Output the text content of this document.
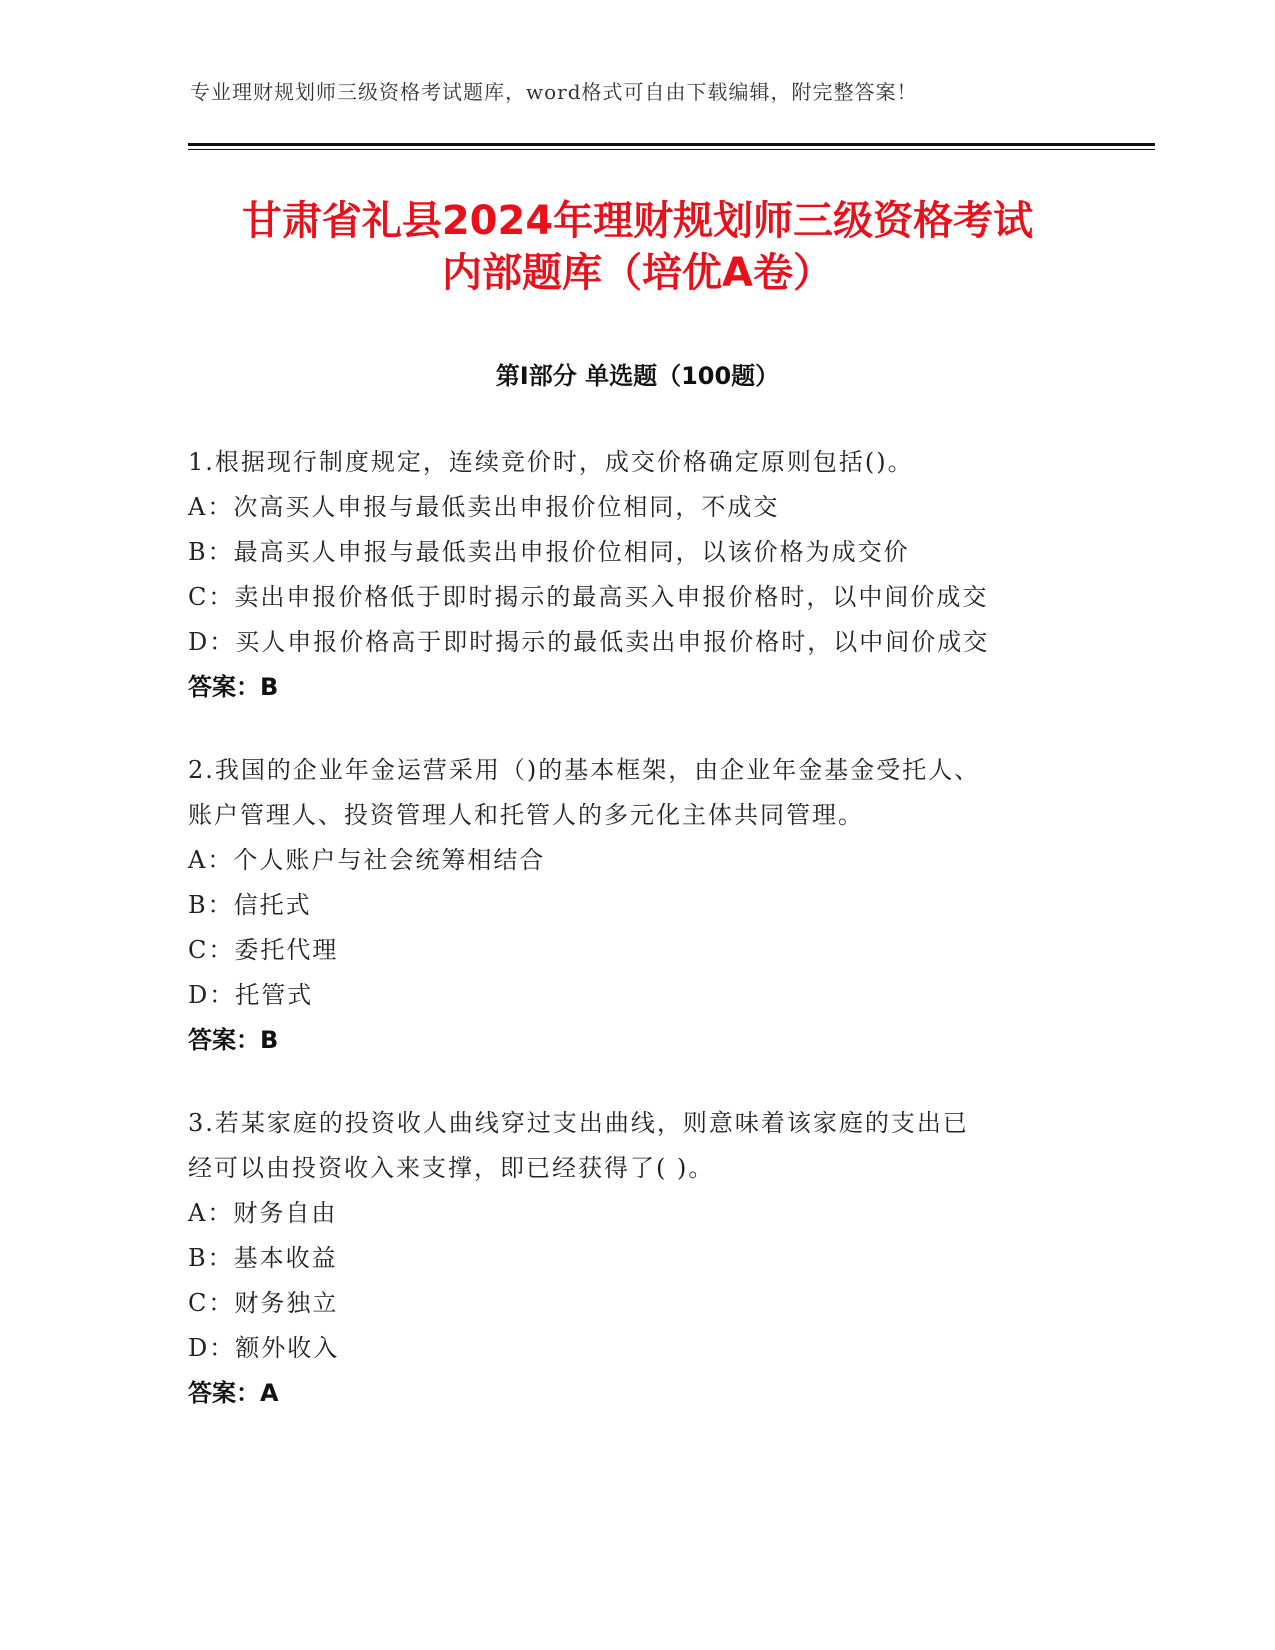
专业理财规划师三级资格考试题库，word格式可自由下载编辑，附完整答案！
甘肃省礼县2024年理财规划师三级资格考试
内部题库（培优A卷）
第Ⅰ部分 单选题（100题）
1.根据现行制度规定，连续竞价时，成交价格确定原则包括()。
A：次高买人申报与最低卖出申报价位相同，不成交
B：最高买人申报与最低卖出申报价位相同，以该价格为成交价
C：卖出申报价格低于即时揭示的最高买入申报价格时，以中间价成交
D：买人申报价格高于即时揭示的最低卖出申报价格时，以中间价成交
答案：B
2.我国的企业年金运营采用（)的基本框架，由企业年金基金受托人、
账户管理人、投资管理人和托管人的多元化主体共同管理。
A：个人账户与社会统筹相结合
B：信托式
C：委托代理
D：托管式
答案：B
3.若某家庭的投资收人曲线穿过支出曲线，则意味着该家庭的支出已
经可以由投资收入来支撑，即已经获得了( )。
A：财务自由
B：基本收益
C：财务独立
D：额外收入
答案：A
